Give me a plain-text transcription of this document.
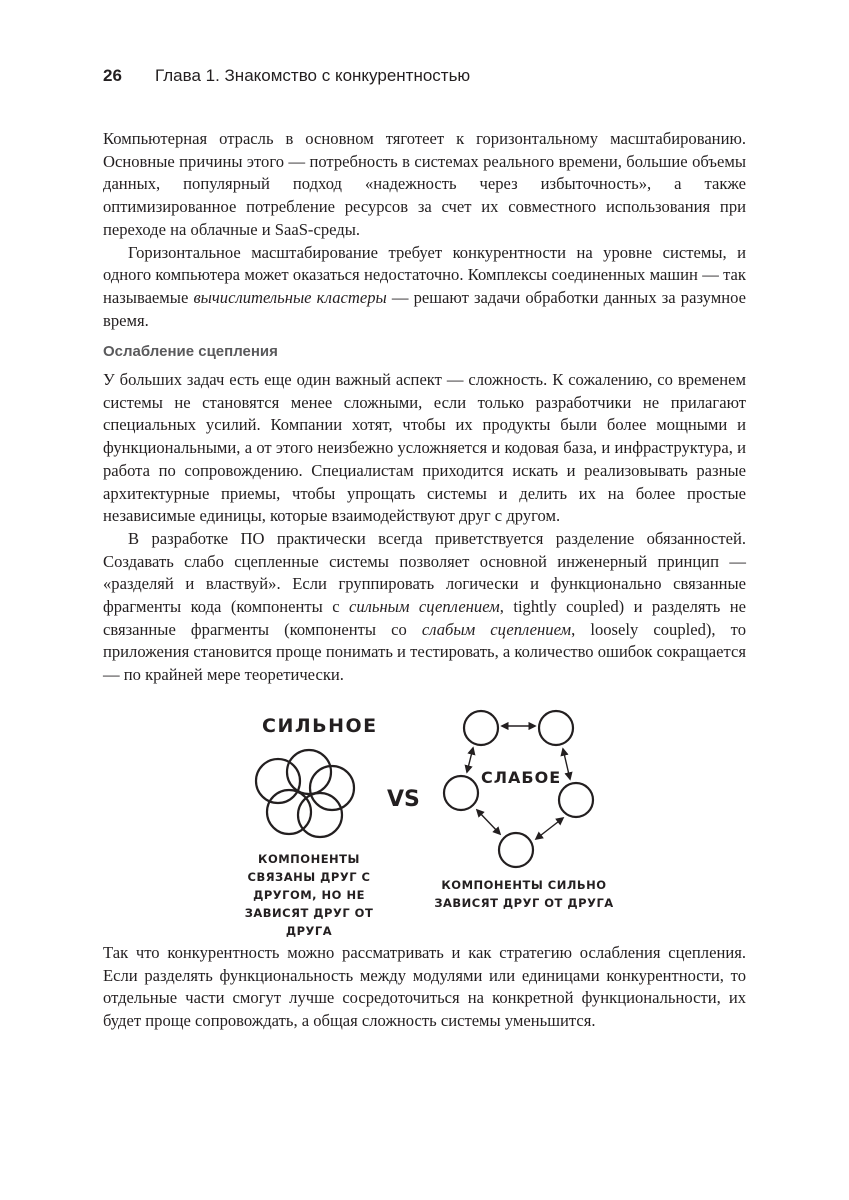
26 Глава 1. Знакомство с конкурентностью

Компьютерная отрасль в основном тяготеет к горизонтальному масштабированию. Основные причины этого — потребность в системах реального времени, большие объемы данных, популярный подход «надежность через избыточность», а также оптимизированное потребление ресурсов за счет их совместного использования при переходе на облачные и SaaS-среды.

Горизонтальное масштабирование требует конкурентности на уровне системы, и одного компьютера может оказаться недостаточно. Комплексы соединенных машин — так называемые вычислительные кластеры — решают задачи обработки данных за разумное время.

Ослабление сцепления

У больших задач есть еще один важный аспект — сложность. К сожалению, со временем системы не становятся менее сложными, если только разработчики не прилагают специальных усилий. Компании хотят, чтобы их продукты были более мощными и функциональными, а от этого неизбежно усложняется и кодовая база, и инфраструктура, и работа по сопровождению. Специалистам приходится искать и реализовывать разные архитектурные приемы, чтобы упрощать системы и делить их на более простые независимые единицы, которые взаимодействуют друг с другом.

В разработке ПО практически всегда приветствуется разделение обязанностей. Создавать слабо сцепленные системы позволяет основной инженерный принцип — «разделяй и властвуй». Если группировать логически и функционально связанные фрагменты кода (компоненты с сильным сцеплением, tightly coupled) и разделять не связанные фрагменты (компоненты со слабым сцеплением, loosely coupled), то приложения становится проще понимать и тестировать, а количество ошибок сокращается — по крайней мере теоретически.

СИЛЬНОЕ
VS
СЛАБОЕ
КОМПОНЕНТЫ СВЯЗАНЫ ДРУГ С ДРУГОМ, НО НЕ ЗАВИСЯТ ДРУГ ОТ ДРУГА
КОМПОНЕНТЫ СИЛЬНО ЗАВИСЯТ ДРУГ ОТ ДРУГА

Так что конкурентность можно рассматривать и как стратегию ослабления сцепления. Если разделять функциональность между модулями или единицами конкурентности, то отдельные части смогут лучше сосредоточиться на конкретной функциональности, их будет проще сопровождать, а общая сложность системы уменьшится.
